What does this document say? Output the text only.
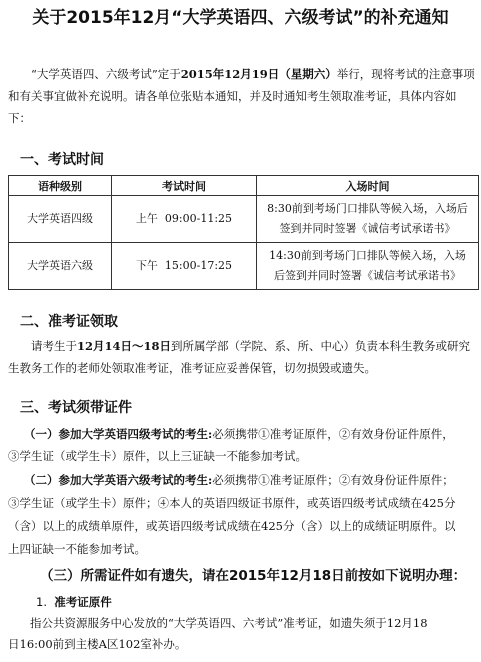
关于2015年12月“大学英语四、六级考试”的补充通知

“大学英语四、六级考试”定于2015年12月19日（星期六）举行，现将考试的注意事项和有关事宜做补充说明。请各单位张贴本通知，并及时通知考生领取准考证，具体内容如下：

一、考试时间
语种级别	考试时间	入场时间
大学英语四级	上午  09:00-11:25	8:30前到考场门口排队等候入场，入场后
签到并同时签署《诚信考试承诺书》

大学英语六级	下午  15:00-17:25	14:30前到考场门口排队等候入场，入场
后签到并同时签署《诚信考试承诺书》
二、准考证领取

请考生于12月14日～18日到所属学部（学院、系、所、中心）负责本科生教务或研究生教务工作的老师处领取准考证，准考证应妥善保管，切勿损毁或遗失。

三、考试须带证件
（一）参加大学英语四级考试的考生:必须携带①准考证原件，②有效身份证件原件，
③学生证（或学生卡）原件，以上三证缺一不能参加考试。
（二）参加大学英语六级考试的考生:必须携带①准考证原件；②有效身份证件原件；
③学生证（或学生卡）原件；④本人的英语四级证书原件，或英语四级考试成绩在425分
（含）以上的成绩单原件，或英语四级考试成绩在425分（含）以上的成绩证明原件。以
上四证缺一不能参加考试。
（三）所需证件如有遗失，请在2015年12月18日前按如下说明办理：
1. 准考证原件
指公共资源服务中心发放的“大学英语四、六考试”准考证，如遗失须于12月18
日16:00前到主楼A区102室补办。
